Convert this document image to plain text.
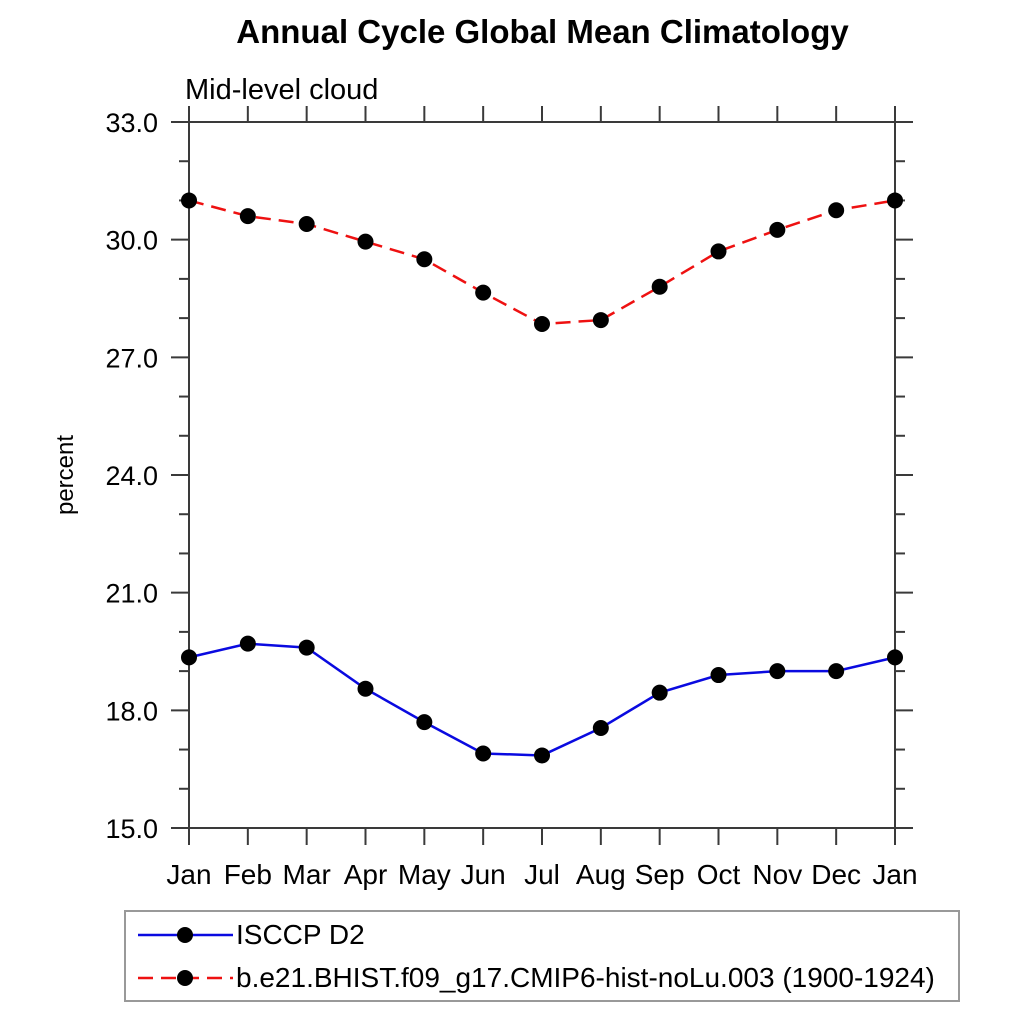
Annual Cycle Global Mean Climatology
Mid-level cloud
percent
Jan Feb Mar Apr May Jun Jul Aug Sep Oct Nov Dec Jan
15.0
18.0
21.0
24.0
27.0
30.0
33.0
ISCCP D2
b.e21.BHIST.f09_g17.CMIP6-hist-noLu.003 (1900-1924)
